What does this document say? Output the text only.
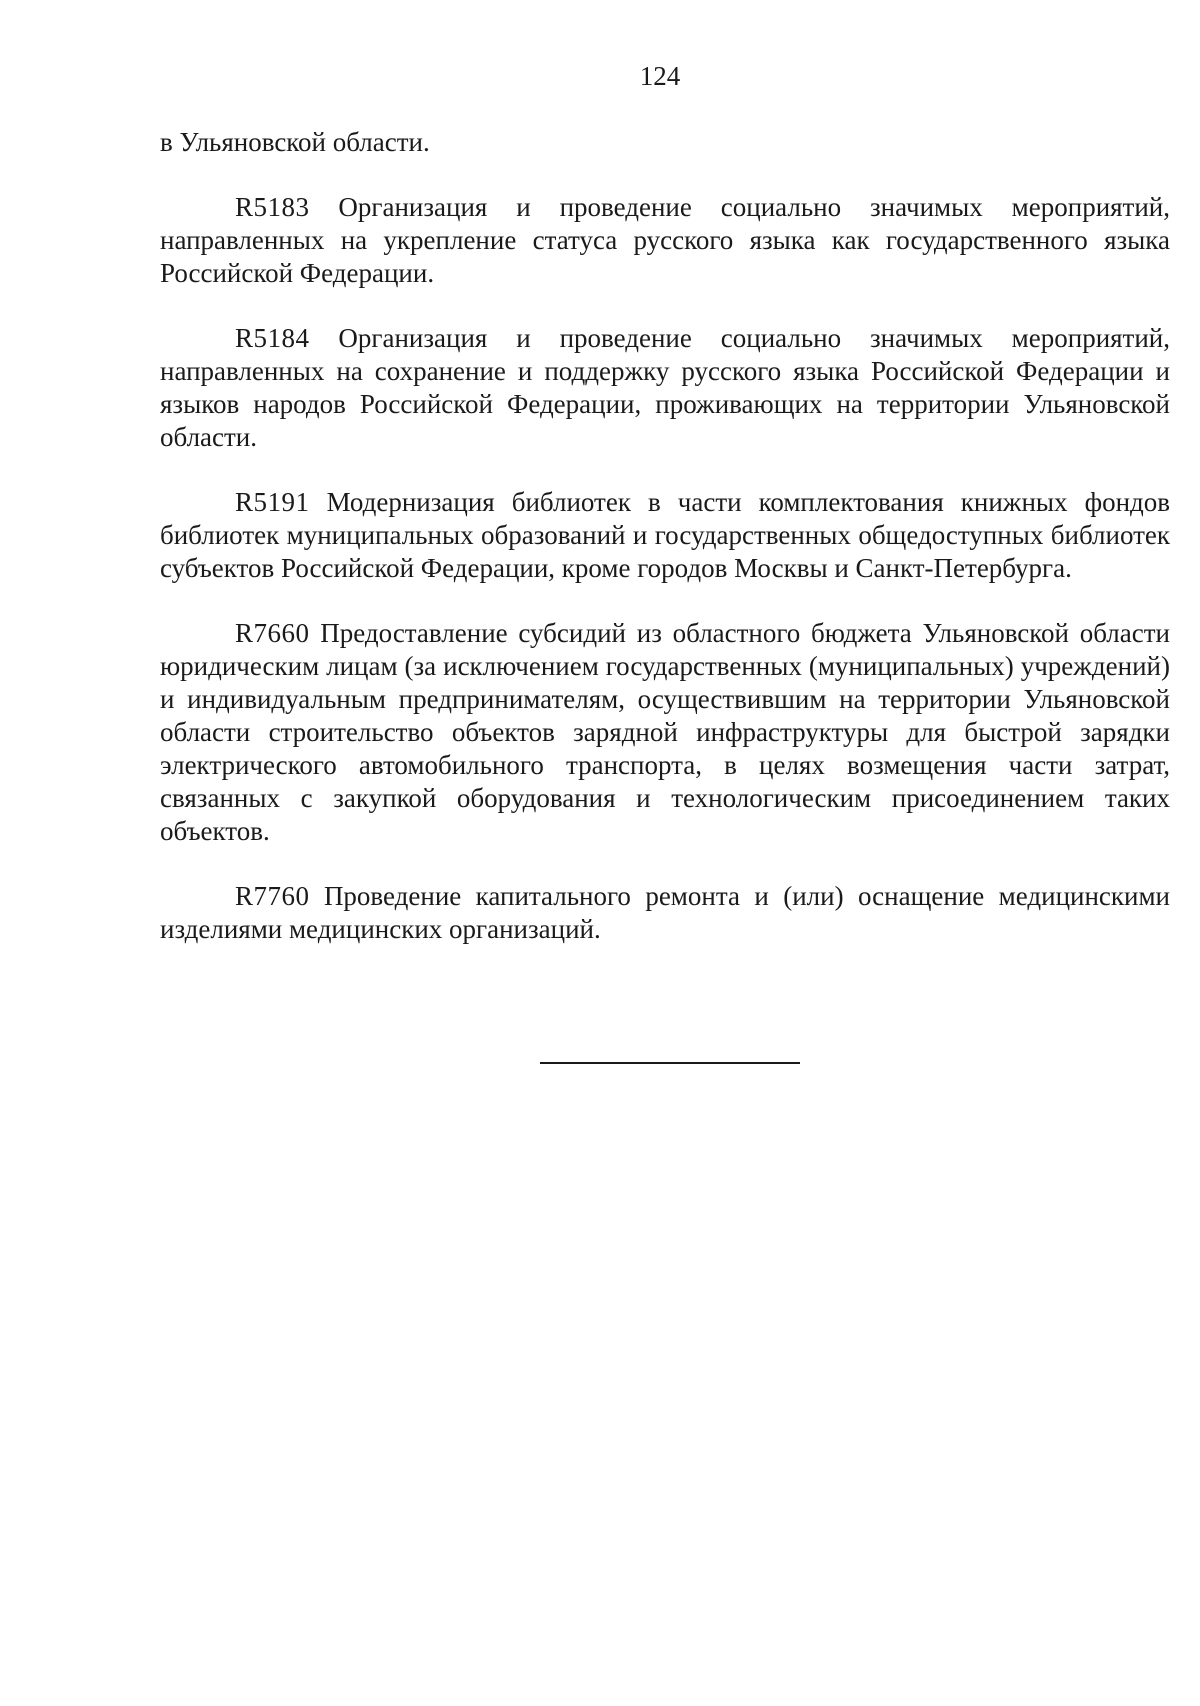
124

в Ульяновской области.

R5183 Организация и проведение социально значимых мероприятий, направленных на укрепление статуса русского языка как государственного языка Российской Федерации.

R5184 Организация и проведение социально значимых мероприятий, направленных на сохранение и поддержку русского языка Российской Федерации и языков народов Российской Федерации, проживающих на территории Ульяновской области.

R5191 Модернизация библиотек в части комплектования книжных фондов библиотек муниципальных образований и государственных общедоступных библиотек субъектов Российской Федерации, кроме городов Москвы и Санкт-Петербурга.

R7660 Предоставление субсидий из областного бюджета Ульяновской области юридическим лицам (за исключением государственных (муниципальных) учреждений) и индивидуальным предпринимателям, осуществившим на территории Ульяновской области строительство объектов зарядной инфраструктуры для быстрой зарядки электрического автомобильного транспорта, в целях возмещения части затрат, связанных с закупкой оборудования и технологическим присоединением таких объектов.

R7760 Проведение капитального ремонта и (или) оснащение медицинскими изделиями медицинских организаций.
